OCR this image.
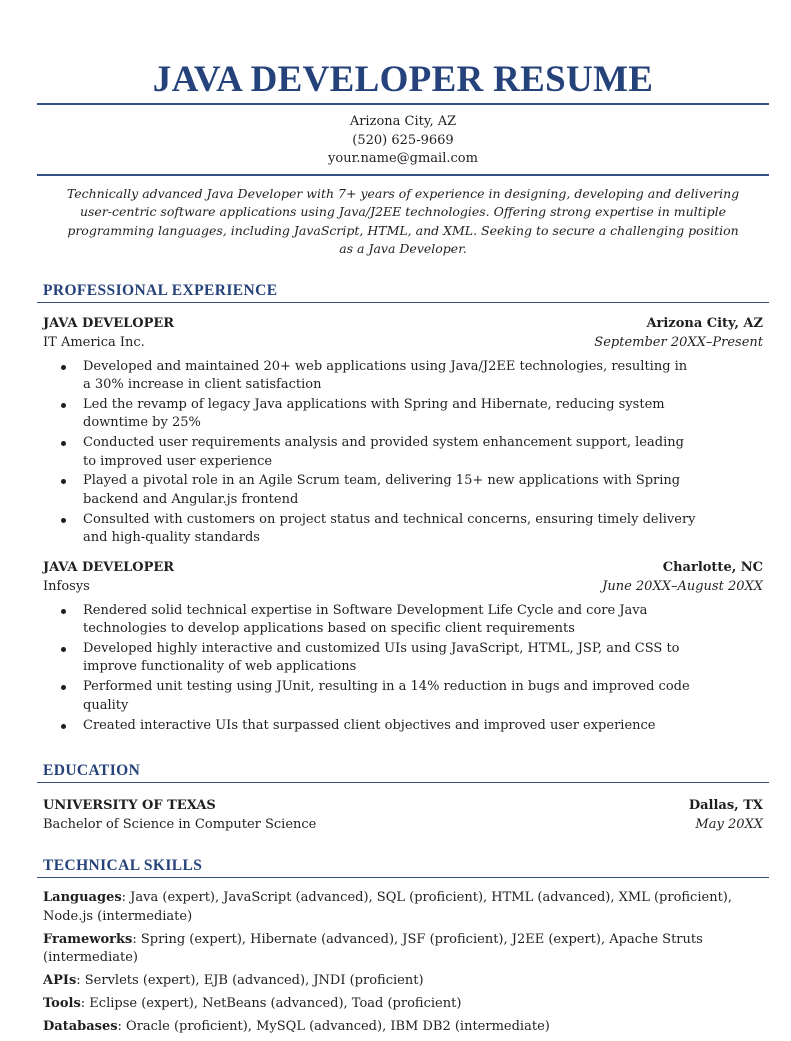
JAVA DEVELOPER RESUME
Arizona City, AZ
(520) 625-9669
your.name@gmail.com

Technically advanced Java Developer with 7+ years of experience in designing, developing and delivering user-centric software applications using Java/J2EE technologies. Offering strong expertise in multiple programming languages, including JavaScript, HTML, and XML. Seeking to secure a challenging position as a Java Developer.

PROFESSIONAL EXPERIENCE
JAVA DEVELOPER	Arizona City, AZ
IT America Inc.	September 20XX–Present
Developed and maintained 20+ web applications using Java/J2EE technologies, resulting in a 30% increase in client satisfaction
Led the revamp of legacy Java applications with Spring and Hibernate, reducing system downtime by 25%
Conducted user requirements analysis and provided system enhancement support, leading to improved user experience
Played a pivotal role in an Agile Scrum team, delivering 15+ new applications with Spring backend and Angular.js frontend
Consulted with customers on project status and technical concerns, ensuring timely delivery and high-quality standards
JAVA DEVELOPER	Charlotte, NC
Infosys	June 20XX–August 20XX
Rendered solid technical expertise in Software Development Life Cycle and core Java technologies to develop applications based on specific client requirements
Developed highly interactive and customized UIs using JavaScript, HTML, JSP, and CSS to improve functionality of web applications
Performed unit testing using JUnit, resulting in a 14% reduction in bugs and improved code quality
Created interactive UIs that surpassed client objectives and improved user experience
EDUCATION
UNIVERSITY OF TEXAS	Dallas, TX
Bachelor of Science in Computer Science	May 20XX
TECHNICAL SKILLS

Languages: Java (expert), JavaScript (advanced), SQL (proficient), HTML (advanced), XML (proficient), Node.js (intermediate)

Frameworks: Spring (expert), Hibernate (advanced), JSF (proficient), J2EE (expert), Apache Struts (intermediate)

APIs: Servlets (expert), EJB (advanced), JNDI (proficient)

Tools: Eclipse (expert), NetBeans (advanced), Toad (proficient)

Databases: Oracle (proficient), MySQL (advanced), IBM DB2 (intermediate)
